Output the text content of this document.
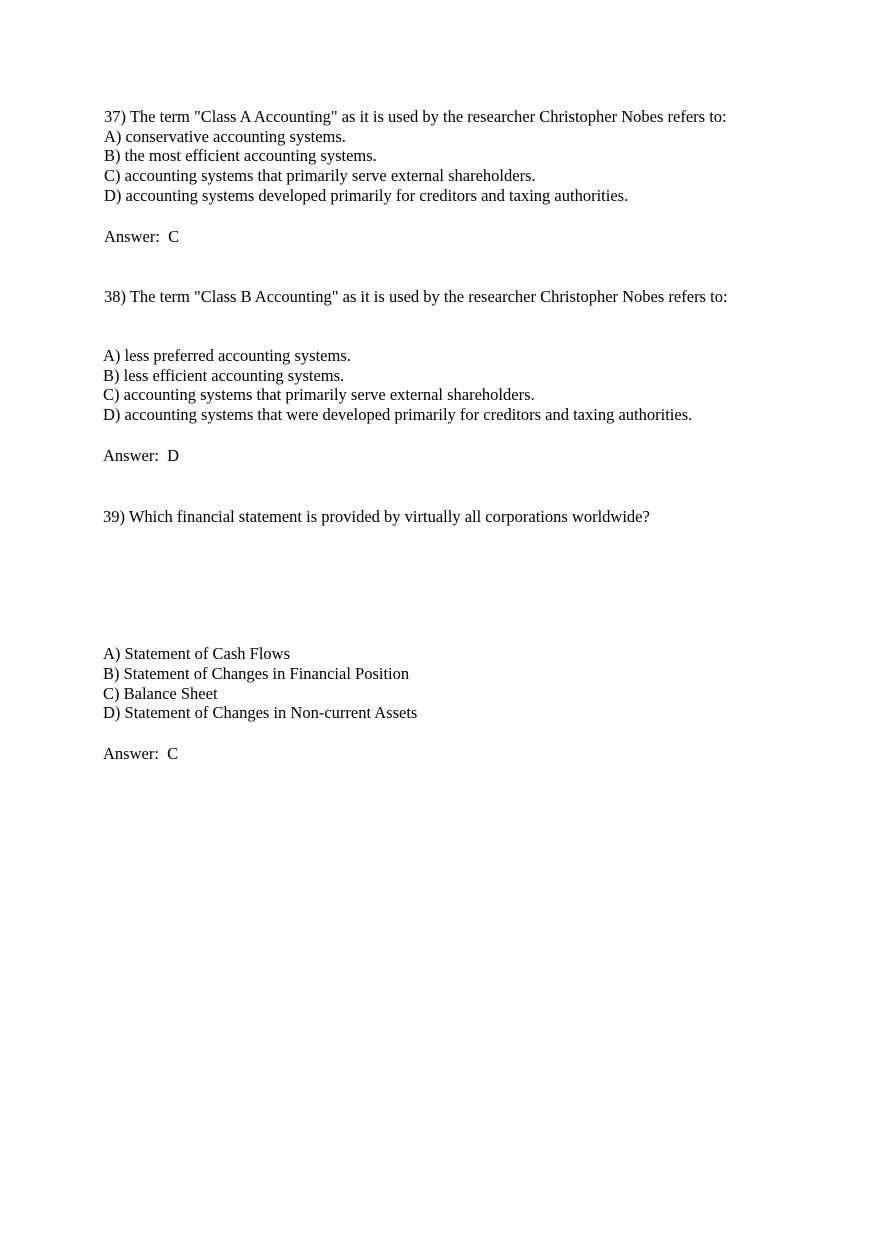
37) The term "Class A Accounting" as it is used by the researcher Christopher Nobes refers to:

A) conservative accounting systems.

B) the most efficient accounting systems.

C) accounting systems that primarily serve external shareholders.

D) accounting systems developed primarily for creditors and taxing authorities.

Answer: C

38) The term "Class B Accounting" as it is used by the researcher Christopher Nobes refers to:

A) less preferred accounting systems.

B) less efficient accounting systems.

C) accounting systems that primarily serve external shareholders.

D) accounting systems that were developed primarily for creditors and taxing authorities.

Answer: D

39) Which financial statement is provided by virtually all corporations worldwide?

A) Statement of Cash Flows

B) Statement of Changes in Financial Position

C) Balance Sheet

D) Statement of Changes in Non-current Assets

Answer: C
